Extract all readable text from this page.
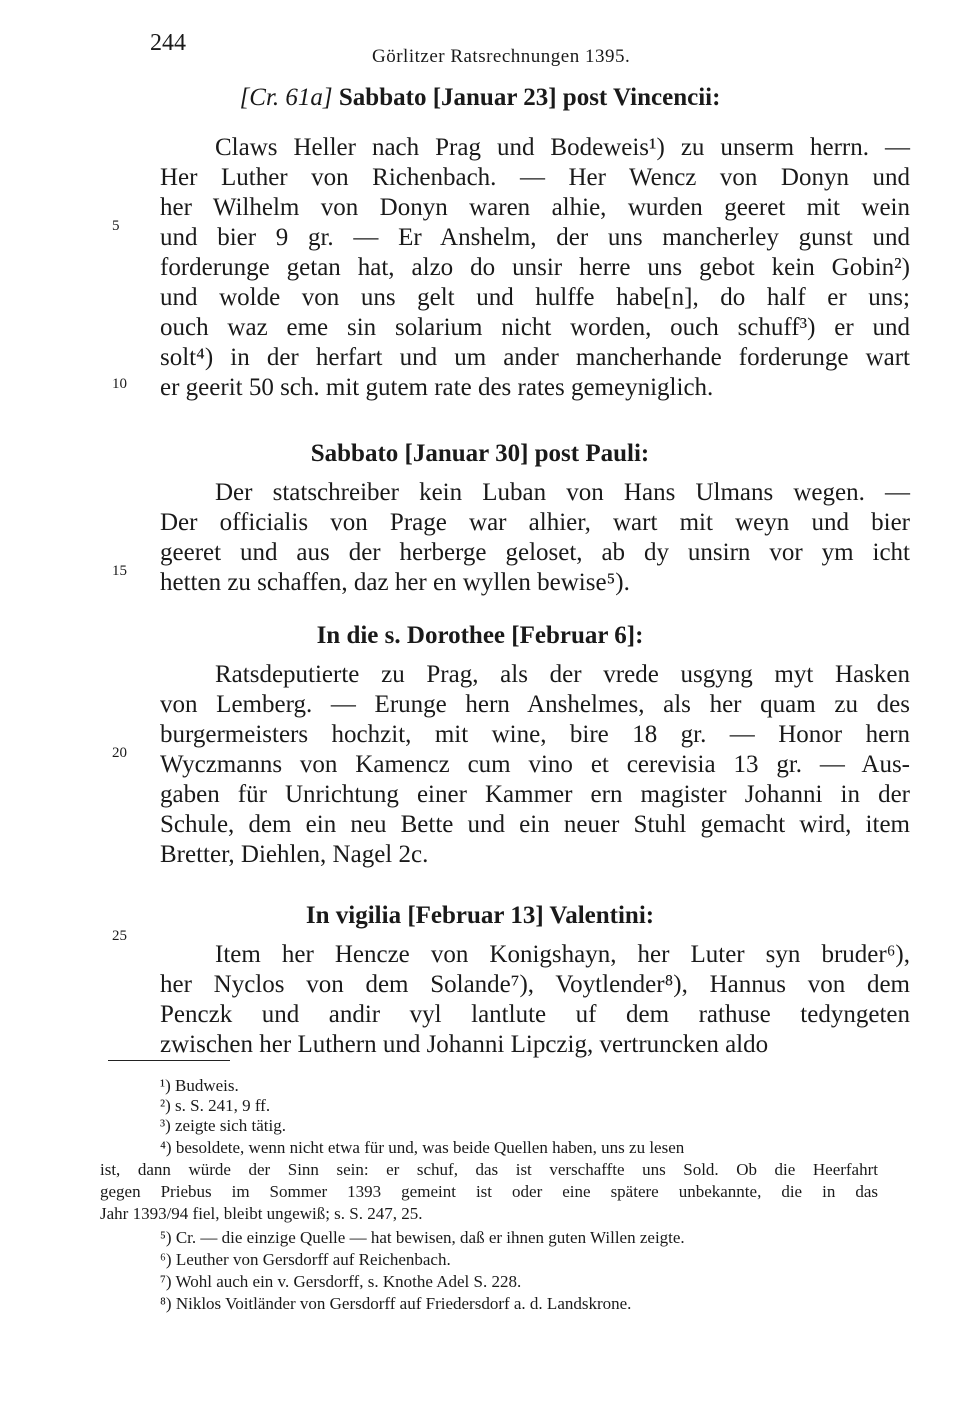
244
Görlitzer Ratsrechnungen 1395.
[Cr. 61a] Sabbato [Januar 23] post Vincencii:
Claws Heller nach Prag und Bodeweis¹) zu unserm herrn. —
Her Luther von Richenbach. — Her Wencz von Donyn und
her Wilhelm von Donyn waren alhie, wurden geeret mit wein
und bier 9 gr. — Er Anshelm, der uns mancherley gunst und
forderunge getan hat, alzo do unsir herre uns gebot kein Gobin²)
und wolde von uns gelt und hulffe habe[n], do half er uns;
ouch waz eme sin solarium nicht worden, ouch schuff³) er und
solt⁴) in der herfart und um ander mancherhande forderunge wart
er geerit 50 sch. mit gutem rate des rates gemeyniglich.
Sabbato [Januar 30] post Pauli:
Der statschreiber kein Luban von Hans Ulmans wegen. —
Der officialis von Prage war alhier, wart mit weyn und bier
geeret und aus der herberge geloset, ab dy unsirn vor ym icht
hetten zu schaffen, daz her en wyllen bewise⁵).
In die s. Dorothee [Februar 6]:
Ratsdeputierte zu Prag, als der vrede usgyng myt Hasken
von Lemberg. — Erunge hern Anshelmes, als her quam zu des
burgermeisters hochzit, mit wine, bire 18 gr. — Honor hern
Wyczmanns von Kamencz cum vino et cerevisia 13 gr. — Aus-
gaben für Unrichtung einer Kammer ern magister Johanni in der
Schule, dem ein neu Bette und ein neuer Stuhl gemacht wird, item
Bretter, Diehlen, Nagel 2c.
In vigilia [Februar 13] Valentini:
Item her Hencze von Konigshayn, her Luter syn bruder⁶),
her Nyclos von dem Solande⁷), Voytlender⁸), Hannus von dem
Penczk und andir vyl lantlute uf dem rathuse tedyngeten
zwischen her Luthern und Johanni Lipczig, vertruncken aldo
5
10
15
20
25
¹) Budweis.
²) s. S. 241, 9 ff.
³) zeigte sich tätig.
⁴) besoldete, wenn nicht etwa für und, was beide Quellen haben, uns zu lesen
ist, dann würde der Sinn sein: er schuf, das ist verschaffte uns Sold. Ob die Heerfahrt
gegen Priebus im Sommer 1393 gemeint ist oder eine spätere unbekannte, die in das
Jahr 1393/94 fiel, bleibt ungewiß; s. S. 247, 25.
⁵) Cr. — die einzige Quelle — hat bewisen, daß er ihnen guten Willen zeigte.
⁶) Leuther von Gersdorff auf Reichenbach.
⁷) Wohl auch ein v. Gersdorff, s. Knothe Adel S. 228.
⁸) Niklos Voitländer von Gersdorff auf Friedersdorf a. d. Landskrone.
